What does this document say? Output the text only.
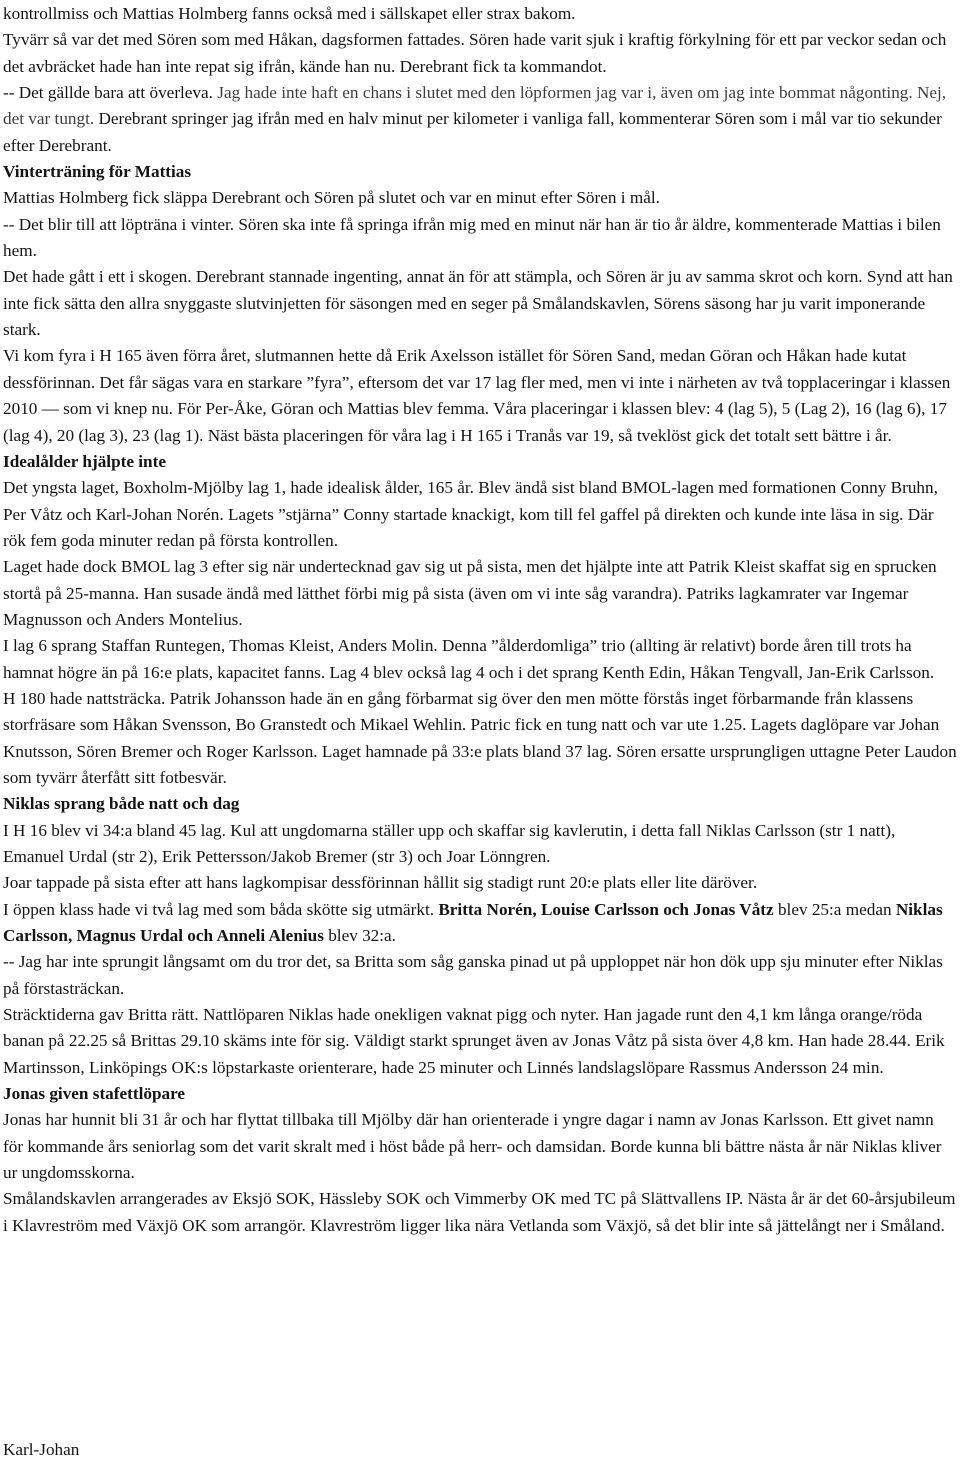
kontrollmiss och Mattias Holmberg fanns också med i sällskapet eller strax bakom.

Tyvärr så var det med Sören som med Håkan, dagsformen fattades. Sören hade varit sjuk i kraftig förkylning för ett par veckor sedan och det avbräcket hade han inte repat sig ifrån, kände han nu. Derebrant fick ta kommandot.

-- Det gällde bara att överleva. Jag hade inte haft en chans i slutet med den löpformen jag var i, även om jag inte bommat någonting. Nej, det var tungt. Derebrant springer jag ifrån med en halv minut per kilometer i vanliga fall, kommenterar Sören som i mål var tio sekunder efter Derebrant.

Vinterträning för Mattias

Mattias Holmberg fick släppa Derebrant och Sören på slutet och var en minut efter Sören i mål.

-- Det blir till att löpträna i vinter. Sören ska inte få springa ifrån mig med en minut när han är tio år äldre, kommenterade Mattias i bilen hem.

Det hade gått i ett i skogen. Derebrant stannade ingenting, annat än för att stämpla, och Sören är ju av samma skrot och korn. Synd att han inte fick sätta den allra snyggaste slutvinjetten för säsongen med en seger på Smålandskavlen, Sörens säsong har ju varit imponerande stark.

Vi kom fyra i H 165 även förra året, slutmannen hette då Erik Axelsson istället för Sören Sand, medan Göran och Håkan hade kutat dessförinnan. Det får sägas vara en starkare ”fyra”, eftersom det var 17 lag fler med, men vi inte i närheten av två topplaceringar i klassen 2010 — som vi knep nu. För Per-Åke, Göran och Mattias blev femma. Våra placeringar i klassen blev: 4 (lag 5), 5 (Lag 2), 16 (lag 6), 17 (lag 4), 20 (lag 3), 23 (lag 1). Näst bästa placeringen för våra lag i H 165 i Tranås var 19, så tveklöst gick det totalt sett bättre i år.

Idealålder hjälpte inte

Det yngsta laget, Boxholm-Mjölby lag 1, hade idealisk ålder, 165 år. Blev ändå sist bland BMOL-lagen med formationen Conny Bruhn, Per Våtz och Karl-Johan Norén. Lagets ”stjärna” Conny startade knackigt, kom till fel gaffel på direkten och kunde inte läsa in sig. Där rök fem goda minuter redan på första kontrollen.

Laget hade dock BMOL lag 3 efter sig när undertecknad gav sig ut på sista, men det hjälpte inte att Patrik Kleist skaffat sig en sprucken stortå på 25-manna. Han susade ändå med lätthet förbi mig på sista (även om vi inte såg varandra). Patriks lagkamrater var Ingemar Magnusson och Anders Montelius.

I lag 6 sprang Staffan Runtegen, Thomas Kleist, Anders Molin. Denna ”ålderdomliga” trio (allting är relativt) borde åren till trots ha hamnat högre än på 16:e plats, kapacitet fanns. Lag 4 blev också lag 4 och i det sprang Kenth Edin, Håkan Tengvall, Jan-Erik Carlsson.

H 180 hade nattsträcka. Patrik Johansson hade än en gång förbarmat sig över den men mötte förstås inget förbarmande från klassens storfräsare som Håkan Svensson, Bo Granstedt och Mikael Wehlin. Patric fick en tung natt och var ute 1.25. Lagets daglöpare var Johan Knutsson, Sören Bremer och Roger Karlsson. Laget hamnade på 33:e plats bland 37 lag. Sören ersatte ursprungligen uttagne Peter Laudon som tyvärr återfått sitt fotbesvär.

Niklas sprang både natt och dag

I H 16 blev vi 34:a bland 45 lag. Kul att ungdomarna ställer upp och skaffar sig kavlerutin, i detta fall Niklas Carlsson (str 1 natt), Emanuel Urdal (str 2), Erik Pettersson/Jakob Bremer (str 3) och Joar Lönngren.

Joar tappade på sista efter att hans lagkompisar dessförinnan hållit sig stadigt runt 20:e plats eller lite däröver.

I öppen klass hade vi två lag med som båda skötte sig utmärkt. Britta Norén, Louise Carlsson och Jonas Våtz blev 25:a medan Niklas Carlsson, Magnus Urdal och Anneli Alenius blev 32:a.

-- Jag har inte sprungit långsamt om du tror det, sa Britta som såg ganska pinad ut på upploppet när hon dök upp sju minuter efter Niklas på förstasträckan.

Sträcktiderna gav Britta rätt. Nattlöparen Niklas hade onekligen vaknat pigg och nyter. Han jagade runt den 4,1 km långa orange/röda banan på 22.25 så Brittas 29.10 skäms inte för sig. Väldigt starkt sprunget även av Jonas Våtz på sista över 4,8 km. Han hade 28.44. Erik Martinsson, Linköpings OK:s löpstarkaste orienterare, hade 25 minuter och Linnés landslagslöpare Rassmus Andersson 24 min.

Jonas given stafettlöpare

Jonas har hunnit bli 31 år och har flyttat tillbaka till Mjölby där han orienterade i yngre dagar i namn av Jonas Karlsson. Ett givet namn för kommande års seniorlag som det varit skralt med i höst både på herr- och damsidan. Borde kunna bli bättre nästa år när Niklas kliver ur ungdomsskorna.

Smålandskavlen arrangerades av Eksjö SOK, Hässleby SOK och Vimmerby OK med TC på Slättvallens IP. Nästa år är det 60-årsjubileum i Klavreström med Växjö OK som arrangör. Klavreström ligger lika nära Vetlanda som Växjö, så det blir inte så jättelångt ner i Småland.

Karl-Johan
